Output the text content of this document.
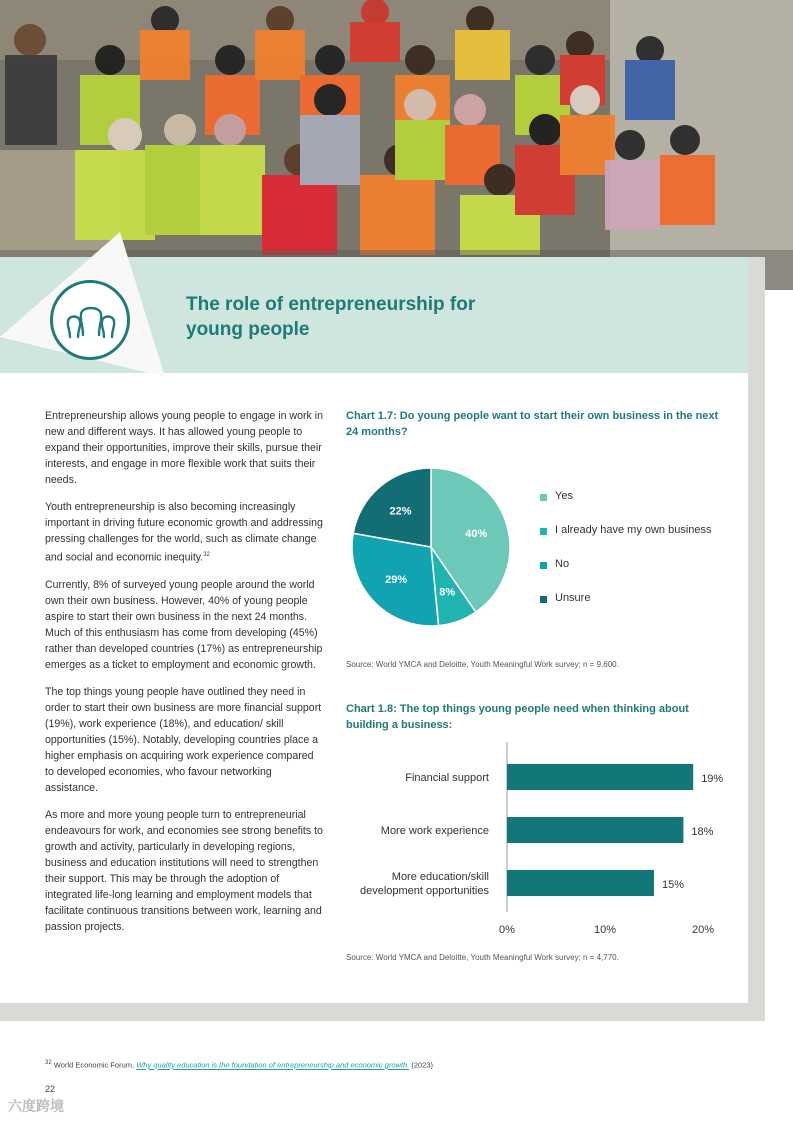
The role of entrepreneurship for
young people

Entrepreneurship allows young people to engage in work in new and different ways. It has allowed young people to expand their opportunities, improve their skills, pursue their interests, and engage in more flexible work that suits their needs.

Youth entrepreneurship is also becoming increasingly important in driving future economic growth and addressing pressing challenges for the world, such as climate change and social and economic inequity.$^{32}$

Currently, 8% of surveyed young people around the world own their own business. However, 40% of young people aspire to start their own business in the next 24 months. Much of this enthusiasm has come from developing (45%) rather than developed countries (17%) as entrepreneurship emerges as a ticket to employment and economic growth.

The top things young people have outlined they need in order to start their own business are more financial support (19%), work experience (18%), and education/ skill opportunities (15%). Notably, developing countries place a higher emphasis on acquiring work experience compared to developed economies, who favour networking assistance.

As more and more young people turn to entrepreneurial endeavours for work, and economies see strong benefits to growth and activity, particularly in developing regions, business and education institutions will need to strengthen their support. This may be through the adoption of integrated life-long learning and employment models that facilitate continuous transitions between work, learning and passion projects.

Chart 1.7: Do young people want to start their own business in the next 24 months?
40%
8%
29%
22%
Yes
I already have my own business
No
Unsure
Source: World YMCA and Deloitte, Youth Meaningful Work survey; n = 9,600.
Chart 1.8: The top things young people need when thinking about building a business:
19%
Financial support
18%
More work experience
15%
More education/skill
development opportunities
0%	10%	20%
Source: World YMCA and Deloitte, Youth Meaningful Work survey; n = 4,770.
$^{32}$ World Economic Forum, Why quality education is the foundation of entrepreneurship and economic growth. (2023)
22
六度跨境
